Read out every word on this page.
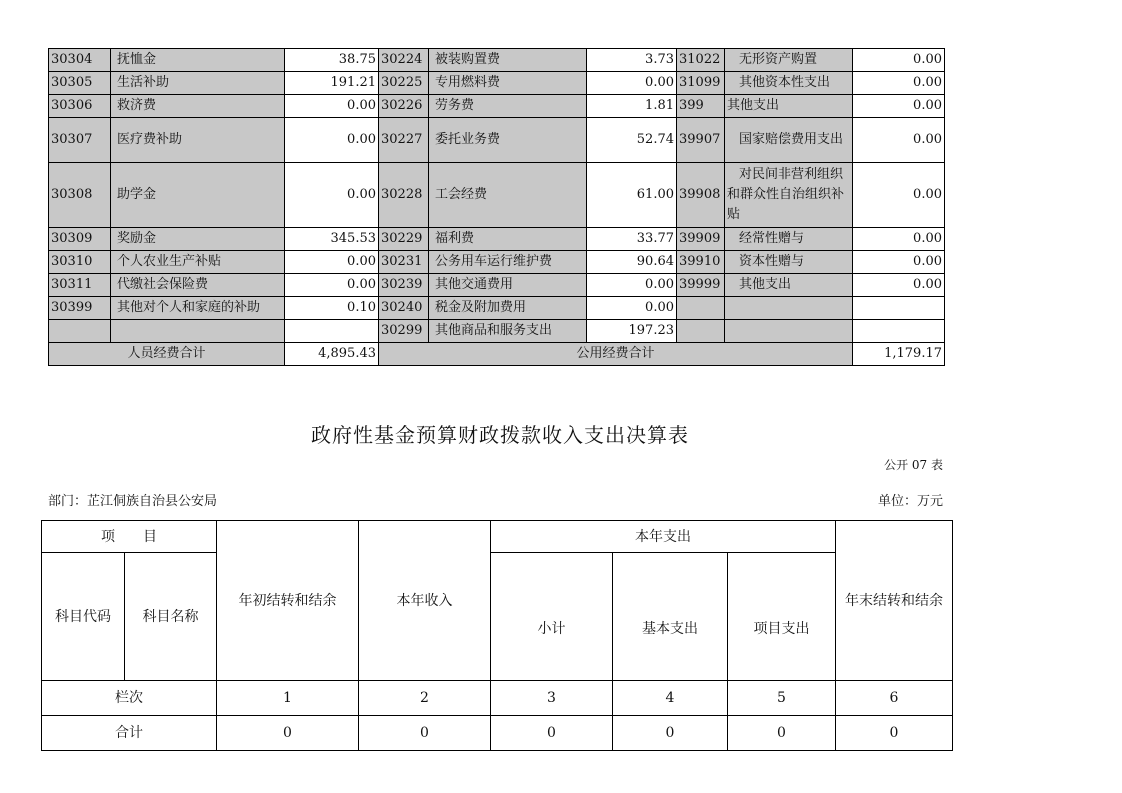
30304	抚恤金	38.75	30224	被装购置费	3.73	31022	无形资产购置	0.00
30305	生活补助	191.21	30225	专用燃料费	0.00	31099	其他资本性支出	0.00
30306	救济费	0.00	30226	劳务费	1.81	399	其他支出	0.00
30307	医疗费补助	0.00	30227	委托业务费	52.74	39907	国家赔偿费用支出	0.00
30308	助学金	0.00	30228	工会经费	61.00	39908	对民间非营利组织和群众性自治组织补贴	0.00
30309	奖励金	345.53	30229	福利费	33.77	39909	经常性赠与	0.00
30310	个人农业生产补贴	0.00	30231	公务用车运行维护费	90.64	39910	资本性赠与	0.00
30311	代缴社会保险费	0.00	30239	其他交通费用	0.00	39999	其他支出	0.00
30399	其他对个人和家庭的补助	0.10	30240	税金及附加费用	0.00			
			30299	其他商品和服务支出	197.23			
人员经费合计		4,895.43	公用经费合计					1,179.17
政府性基金预算财政拨款收入支出决算表
公开 07 表
部门：芷江侗族自治县公安局	单位：万元
项　　目		年初结转和结余	本年收入	本年支出			年末结转和结余
科目代码	科目名称			小计	基本支出	项目支出	
栏次		1	2	3	4	5	6
合计		0	0	0	0	0	0
